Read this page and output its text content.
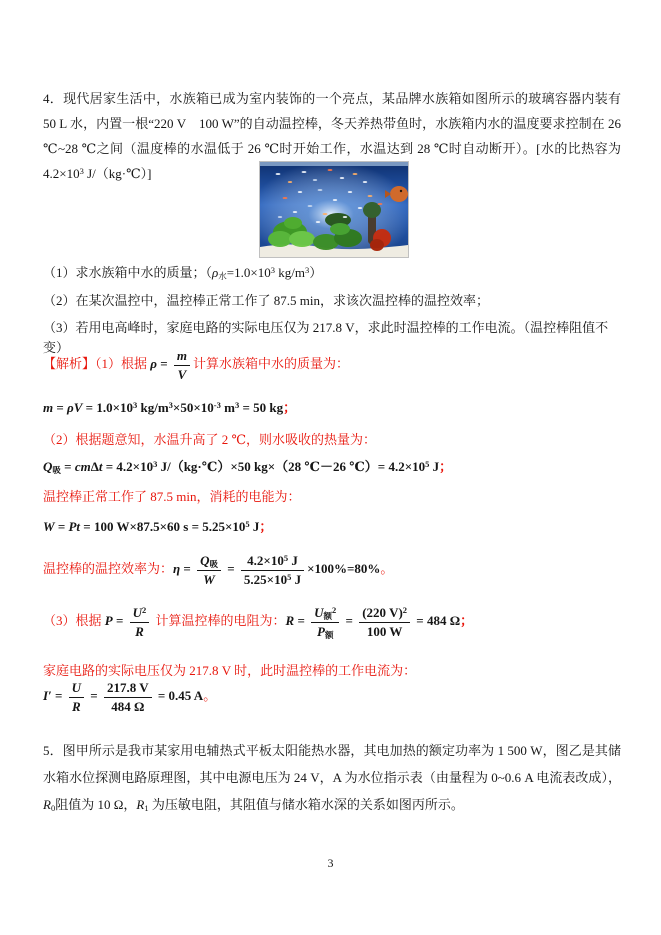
4．现代居家生活中，水族箱已成为室内装饰的一个亮点，某品牌水族箱如图所示的玻璃容器内装有 50 L 水，内置一根“220 V　100 W”的自动温控棒，冬天养热带鱼时，水族箱内水的温度要求控制在 26 ℃~28 ℃之间（温度棒的水温低于 26 ℃时开始工作，水温达到 28 ℃时自动断开）。[水的比热容为 $4.2\times 10^3$ J/（kg·℃）]
（1）求水族箱中水的质量；（$\rho_水=1.0\times 10^3$ $kg/m^3$）
（2）在某次温控中，温控棒正常工作了 87.5 min，求该次温控棒的温控效率；
（3）若用电高峰时，家庭电路的实际电压仅为 217.8 V，求此时温控棒的工作电流。（温控棒阻值不变）
【解析】（1）根据 $\rho = \frac{m}{V}$ 计算水族箱中水的质量为：
$m = \rho V = 1.0\times 10^3$ $kg/m^3\times 50\times 10^{-3}$ $m^3 = 50$ kg；
（2）根据题意知，水温升高了 2 ℃，则水吸收的热量为：
$Q_吸 = cm\Delta t = 4.2\times 10^3$ J/（kg·℃）×50 kg×（28 ℃－26 ℃）= $4.2\times 10^5$ J；
温控棒正常工作了 87.5 min，消耗的电能为：
W = Pt = 100 W×87.5×60 $s = 5.25\times 10^5$ J；
温控棒的温控效率为：$\eta = \frac{Q_吸}{W} = \frac{4.2\times 10^5 J}{5.25\times 10^5 J} \times 100\%=80\%$。
（3）根据 $P = \frac{U^2}{R}$ 计算温控棒的电阻为：$R = \frac{U_额^2}{P_额} = \frac{(220 V)^2}{100 W} = 484$ Ω；
家庭电路的实际电压仅为 217.8 V 时，此时温控棒的工作电流为：
$I' = \frac{U}{R} = \frac{217.8 V}{484 \Omega} = 0.45$ A。
5．图甲所示是我市某家用电辅热式平板太阳能热水器，其电加热的额定功率为 1 500 W，图乙是其储水箱水位探测电路原理图，其中电源电压为 24 V，A 为水位指示表（由量程为 0~0.6 A 电流表改成），$R_0$阻值为 10 Ω，$R_1$ 为压敏电阻，其阻值与储水箱水深的关系如图丙所示。
3
